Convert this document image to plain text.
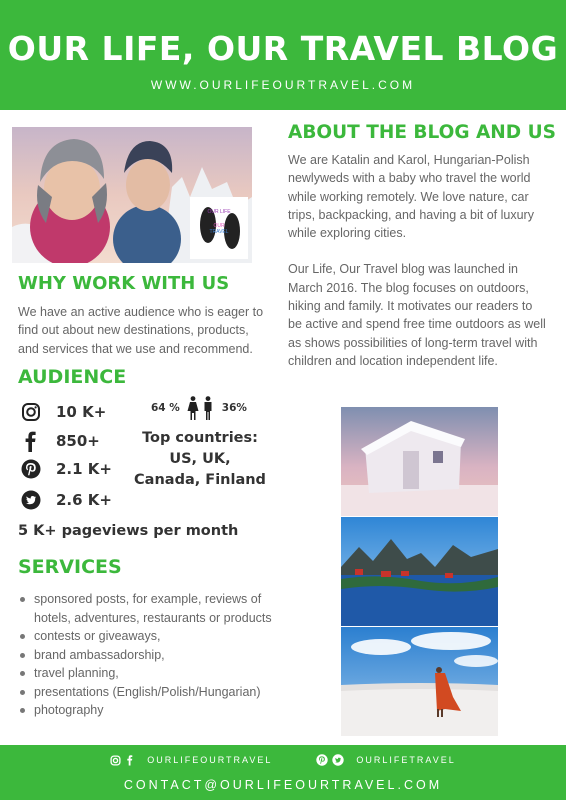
OUR LIFE, OUR TRAVEL BLOG
WWW.OURLIFEOURTRAVEL.COM
OUR LIFE
OUR
TRAVEL
ABOUT THE BLOG AND US

We are Katalin and Karol, Hungarian-Polish newlyweds with a baby who travel the world while working remotely. We love nature, car trips, backpacking, and having a bit of luxury while exploring cities.

Our Life, Our Travel blog was launched in March 2016. The blog focuses on outdoors, hiking and family. It motivates our readers to be active and spend free time outdoors as well as shows possibilities of long-term travel with children and location independent life.

WHY WORK WITH US
We have an active audience who is eager to find out about new destinations, products, and services that we use and recommend.
AUDIENCE
10 K+
850+
2.1 K+
2.6 K+
64 %	36%
Top countries:
US, UK,
Canada, Finland
5 K+ pageviews per month
SERVICES
sponsored posts, for example, reviews of hotels, adventures, restaurants or products
contests or giveaways,
brand ambassadorship,
travel planning,
presentations (English/Polish/Hungarian)
photography
OURLIFEOURTRAVEL	OURLIFETRAVEL
CONTACT@OURLIFEOURTRAVEL.COM
